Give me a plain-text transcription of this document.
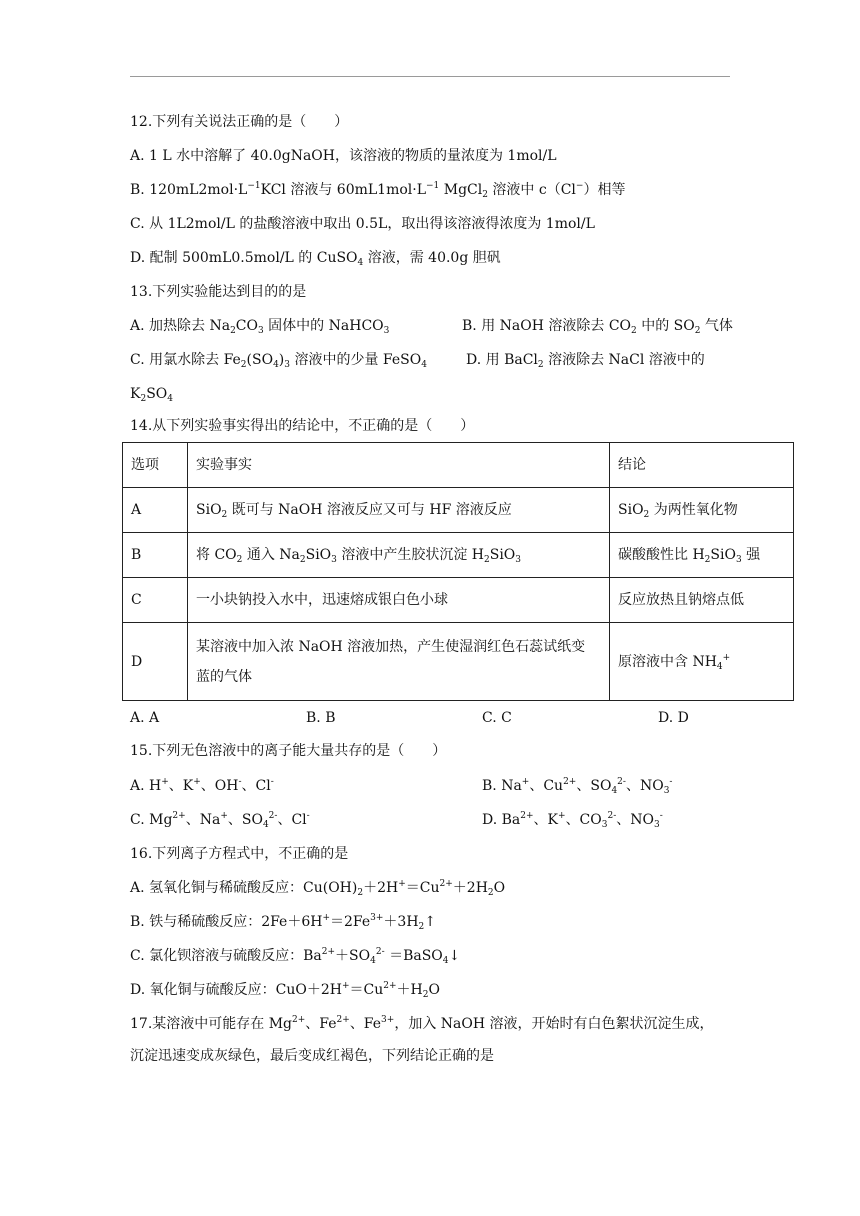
12.下列有关说法正确的是（　　）
A. 1 L 水中溶解了 40.0gNaOH，该溶液的物质的量浓度为 1mol/L
B. $120mL2mol\cdot L^{-1}KCl$ 溶液与 $60mL1mol\cdot L^{-1}$ MgCl$_2$ 溶液中 c（Cl−）相等
C. 从 1L2mol/L 的盐酸溶液中取出 0.5L，取出得该溶液得浓度为 1mol/L
D. 配制 500mL0.5mol/L 的 CuSO$_4$ 溶液，需 40.0g 胆矾
13.下列实验能达到目的的是
A. 加热除去 $Na_2CO_3$ 固体中的 NaHCO$_3$	B. 用 NaOH 溶液除去 $CO_2$ 中的 $SO_2$ 气体
C. 用氯水除去 $Fe_2(SO_4)_3$ 溶液中的少量 FeSO$_4$	D. 用 BaCl$_2$ 溶液除去 NaCl 溶液中的
$K_2SO_4$
14.从下列实验事实得出的结论中，不正确的是（　　）
选项	实验事实	结论
A	SiO$_2$ 既可与 NaOH 溶液反应又可与 HF 溶液反应	SiO$_2$ 为两性氧化物
B	将 $CO_2$ 通入 $Na_2SiO_3$ 溶液中产生胶状沉淀 $H_2SiO_3$	碳酸酸性比 $H_2SiO_3$ 强
C	一小块钠投入水中，迅速熔成银白色小球	反应放热且钠熔点低
D	某溶液中加入浓 NaOH 溶液加热，产生使湿润红色石蕊试纸变
蓝的气体	原溶液中含 $NH_4^+$
A. A	B. B	C. C	D. D
15.下列无色溶液中的离子能大量共存的是（　　）
A. H+、K+、OH-、Cl-	B. Na+、$Cu^{2+}$、$SO_4^{2-}$、$NO_3^-$
C. $Mg^{2+}$、Na+、$SO_4^{2-}$、Cl-	D. $Ba^{2+}$、K+、$CO_3^{2-}$、$NO_3^-$
16.下列离子方程式中，不正确的是
A. 氢氧化铜与稀硫酸反应：$Cu(OH)_2+2H^+=Cu^{2+}+2H_2O$
B. 铁与稀硫酸反应：$2Fe+6H^+=2Fe^{3+}+3H_2↑$
C. 氯化钡溶液与硫酸反应：$Ba^{2+}+SO_4^{2-}$ ＝BaSO$_4$↓
D. 氧化铜与硫酸反应：$CuO+2H^+=Cu^{2+}+H_2O$
17.某溶液中可能存在 $Mg^{2+}$、$Fe^{2+}$、$Fe^{3+}$，加入 NaOH 溶液，开始时有白色絮状沉淀生成，
沉淀迅速变成灰绿色，最后变成红褐色，下列结论正确的是
